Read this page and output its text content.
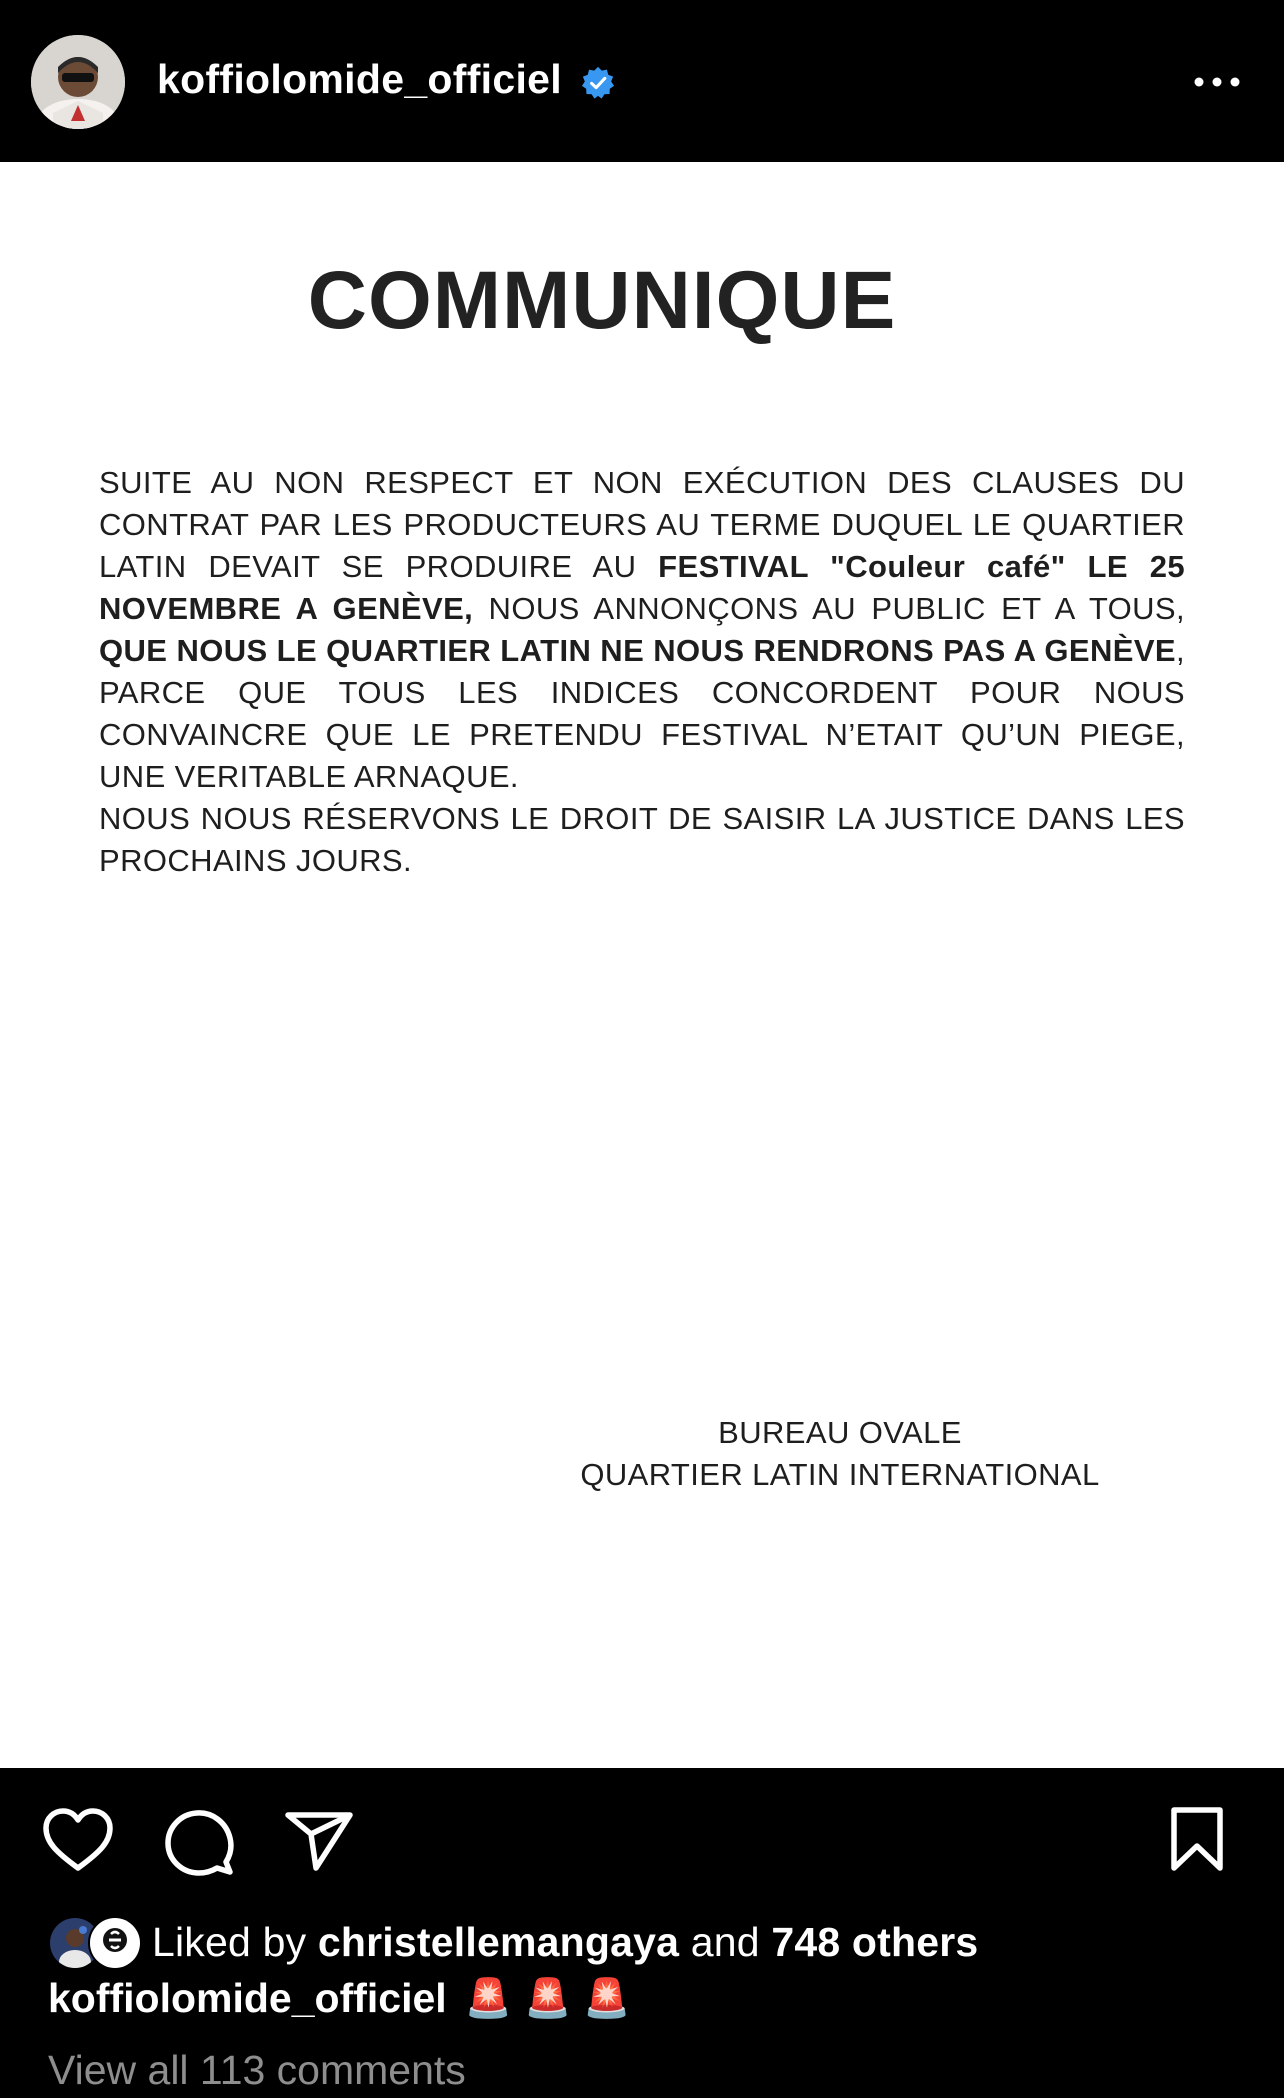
koffiolomide_officiel
COMMUNIQUE

SUITE AU NON RESPECT ET NON EXÉCUTION DES CLAUSES DU CONTRAT PAR LES PRODUCTEURS AU TERME DUQUEL LE QUARTIER LATIN DEVAIT SE PRODUIRE AU FESTIVAL "Couleur café" LE 25 NOVEMBRE A GENÈVE, NOUS ANNONÇONS AU PUBLIC ET A TOUS, QUE NOUS LE QUARTIER LATIN NE NOUS RENDRONS PAS A GENÈVE, PARCE QUE TOUS LES INDICES CONCORDENT POUR NOUS CONVAINCRE QUE LE PRETENDU FESTIVAL N’ETAIT QU’UN PIEGE, UNE VERITABLE ARNAQUE.

NOUS NOUS RÉSERVONS LE DROIT DE SAISIR LA JUSTICE DANS LES PROCHAINS JOURS.

BUREAU OVALE
QUARTIER LATIN INTERNATIONAL
Liked by christellemangaya and 748 others
koffiolomide_officiel 🚨 🚨 🚨
View all 113 comments
